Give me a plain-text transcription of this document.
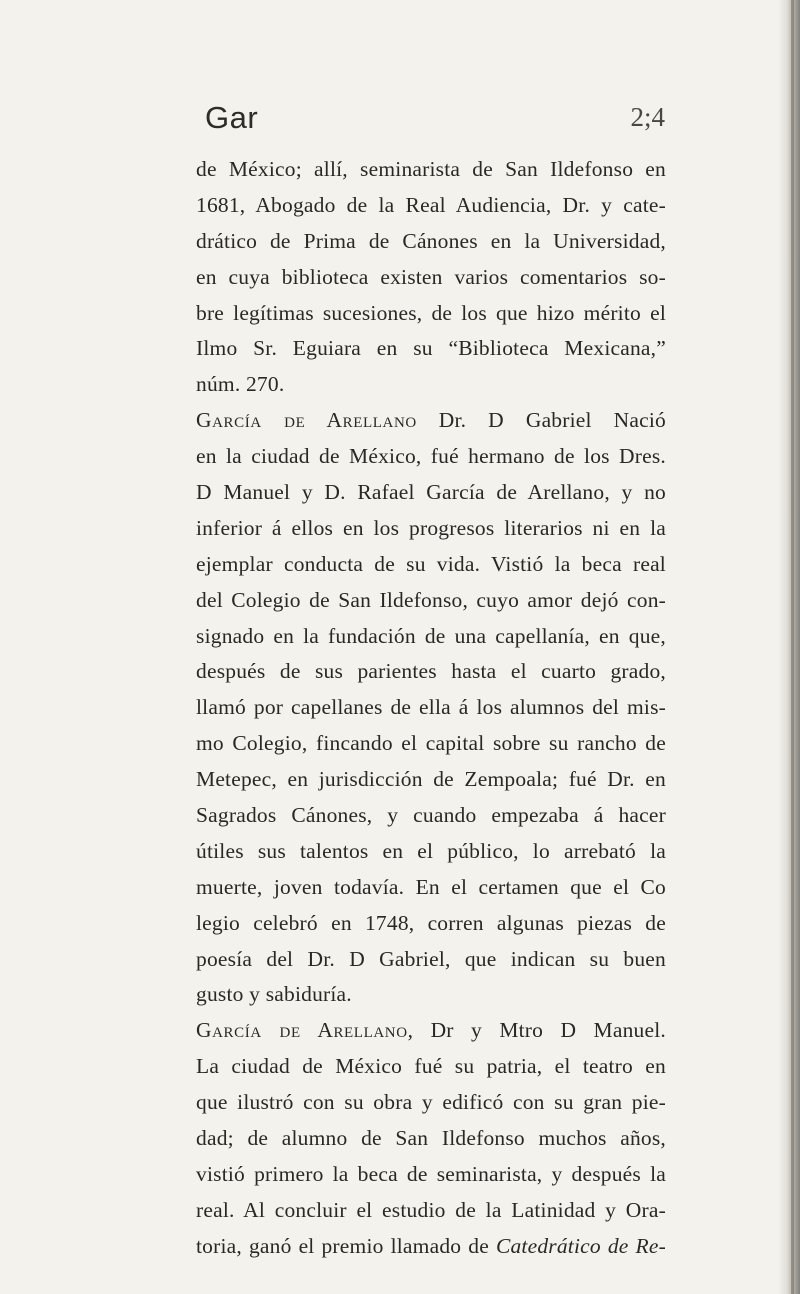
Gar	2;4
de México; allí, seminarista de San Ildefonso en
1681, Abogado de la Real Audiencia, Dr. y cate-
drático de Prima de Cánones en la Universidad,
en cuya biblioteca existen varios comentarios so-
bre legítimas sucesiones, de los que hizo mérito el
Ilmo Sr. Eguiara en su “Biblioteca Mexicana,”
núm. 270.
García de Arellano Dr. D Gabriel Nació
en la ciudad de México, fué hermano de los Dres.
D Manuel y D. Rafael García de Arellano, y no
inferior á ellos en los progresos literarios ni en la
ejemplar conducta de su vida. Vistió la beca real
del Colegio de San Ildefonso, cuyo amor dejó con-
signado en la fundación de una capellanía, en que,
después de sus parientes hasta el cuarto grado,
llamó por capellanes de ella á los alumnos del mis-
mo Colegio, fincando el capital sobre su rancho de
Metepec, en jurisdicción de Zempoala; fué Dr. en
Sagrados Cánones, y cuando empezaba á hacer
útiles sus talentos en el público, lo arrebató la
muerte, joven todavía. En el certamen que el Co
legio celebró en 1748, corren algunas piezas de
poesía del Dr. D Gabriel, que indican su buen
gusto y sabiduría.
García de Arellano, Dr y Mtro D Manuel.
La ciudad de México fué su patria, el teatro en
que ilustró con su obra y edificó con su gran pie-
dad; de alumno de San Ildefonso muchos años,
vistió primero la beca de seminarista, y después la
real. Al concluir el estudio de la Latinidad y Ora-
toria, ganó el premio llamado de Catedrático de Re-
